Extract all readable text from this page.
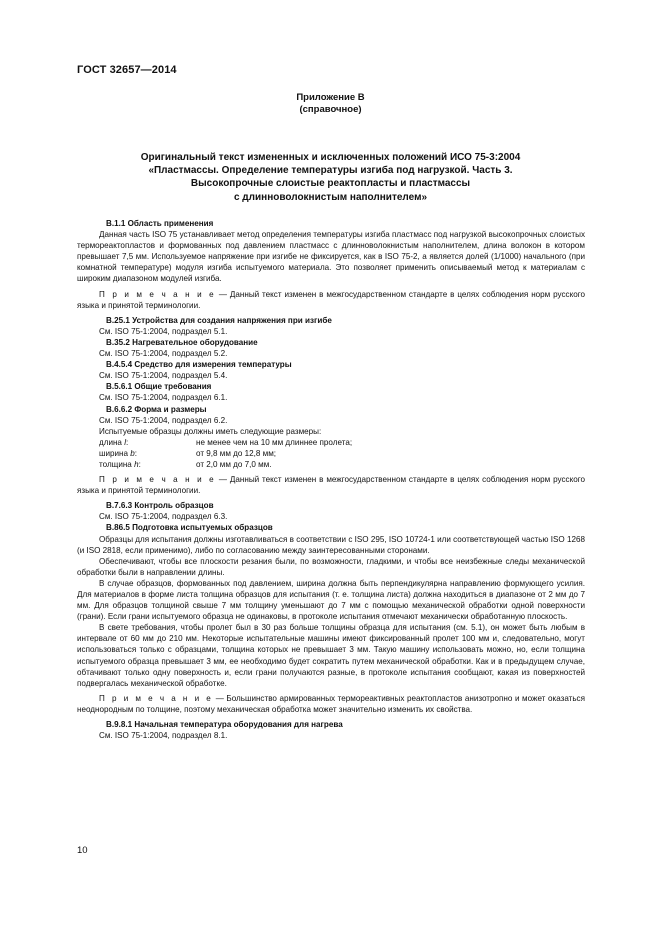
ГОСТ 32657—2014
Приложение В
(справочное)
Оригинальный текст измененных и исключенных положений ИСО 75-3:2004
«Пластмассы. Определение температуры изгиба под нагрузкой. Часть 3.
Высокопрочные слоистые реактопласты и пластмассы
с длинноволокнистым наполнителем»

В.1.1 Область применения

Данная часть ISO 75 устанавливает метод определения температуры изгиба пластмасс под нагрузкой высокопрочных слоистых термореактопластов и формованных под давлением пластмасс с длинноволокнистым наполнителем, длина волокон в котором превышает 7,5 мм. Используемое напряжение при изгибе не фиксируется, как в ISO 75-2, а является долей (1/1000) начального (при комнатной температуре) модуля изгиба испытуемого материала. Это позволяет применить описываемый метод к материалам с широким диапазоном модулей изгиба.

П р и м е ч а н и е — Данный текст изменен в межгосударственном стандарте в целях соблюдения норм русского языка и принятой терминологии.

В.25.1 Устройства для создания напряжения при изгибе

См. ISO 75-1:2004, подраздел 5.1.

В.35.2 Нагревательное оборудование

См. ISO 75-1:2004, подраздел 5.2.

В.4.5.4 Средство для измерения температуры

См. ISO 75-1:2004, подраздел 5.4.

В.5.6.1 Общие требования

См. ISO 75-1:2004, подраздел 6.1.

В.6.6.2 Форма и размеры

См. ISO 75-1:2004, подраздел 6.2.

Испытуемые образцы должны иметь следующие размеры:

длина l:	не менее чем на 10 мм длиннее пролета;
ширина b:	от 9,8 мм до 12,8 мм;
толщина h:	от 2,0 мм до 7,0 мм.

П р и м е ч а н и е — Данный текст изменен в межгосударственном стандарте в целях соблюдения норм русского языка и принятой терминологии.

В.7.6.3 Контроль образцов

См. ISO 75-1:2004, подраздел 6.3.

В.86.5 Подготовка испытуемых образцов

Образцы для испытания должны изготавливаться в соответствии с ISO 295, ISO 10724-1 или соответствующей частью ISO 1268 (и ISO 2818, если применимо), либо по согласованию между заинтересованными сторонами.

Обеспечивают, чтобы все плоскости резания были, по возможности, гладкими, и чтобы все неизбежные следы механической обработки были в направлении длины.

В случае образцов, формованных под давлением, ширина должна быть перпендикулярна направлению формующего усилия. Для материалов в форме листа толщина образцов для испытания (т. е. толщина листа) должна находиться в диапазоне от 2 мм до 7 мм. Для образцов толщиной свыше 7 мм толщину уменьшают до 7 мм с помощью механической обработки одной поверхности (грани). Если грани испытуемого образца не одинаковы, в протоколе испытания отмечают механически обработанную плоскость.

В свете требования, чтобы пролет был в 30 раз больше толщины образца для испытания (см. 5.1), он может быть любым в интервале от 60 мм до 210 мм. Некоторые испытательные машины имеют фиксированный пролет 100 мм и, следовательно, могут использоваться только с образцами, толщина которых не превышает 3 мм. Такую машину использовать можно, но, если толщина испытуемого образца превышает 3 мм, ее необходимо будет сократить путем механической обработки. Как и в предыдущем случае, обтачивают только одну поверхность и, если грани получаются разные, в протоколе испытания сообщают, какая из поверхностей подвергалась механической обработке.

П р и м е ч а н и е — Большинство армированных термореактивных реактопластов анизотропно и может оказаться неоднородным по толщине, поэтому механическая обработка может значительно изменить их свойства.

В.9.8.1 Начальная температура оборудования для нагрева

См. ISO 75-1:2004, подраздел 8.1.

10
